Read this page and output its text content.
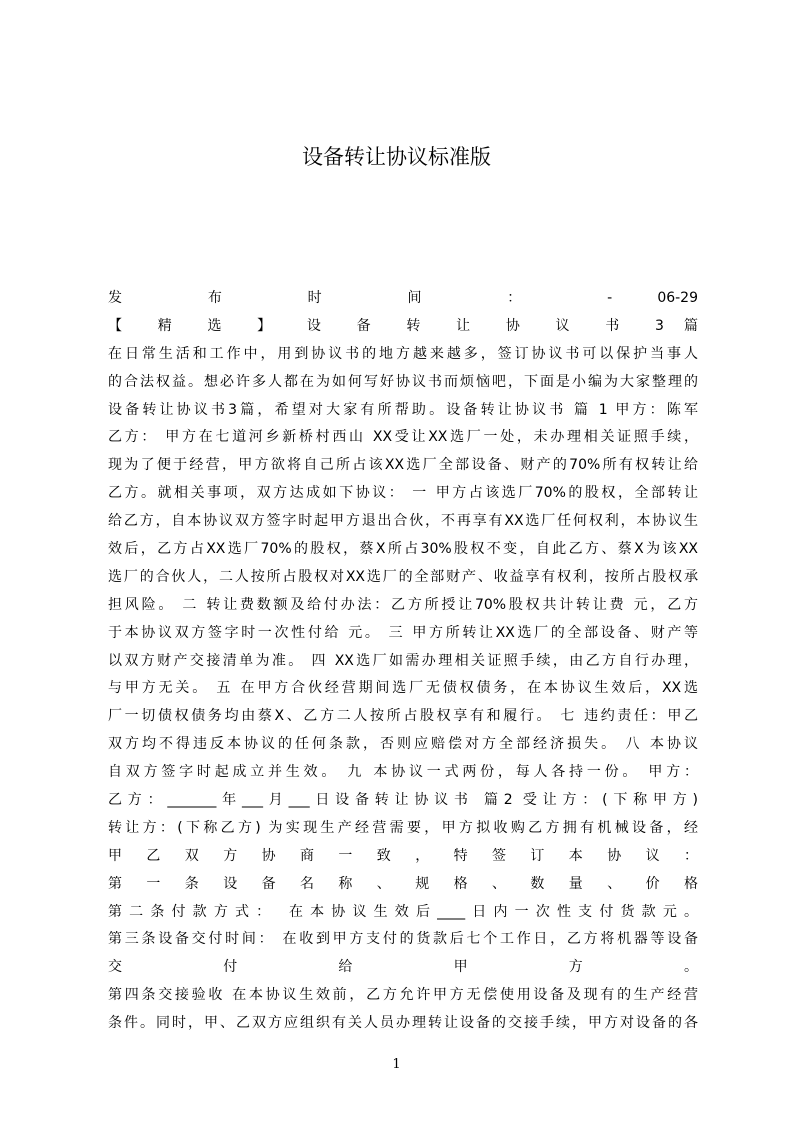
设备转让协议标准版
发 布 时 间 ： - 06-29
【 精 选 】 设 备 转 让 协 议 书 3 篇
在日常生活和工作中，用到协议书的地方越来越多，签订协议书可以保护当事人
的合法权益。想必许多人都在为如何写好协议书而烦恼吧，下面是小编为大家整理的
设备转让协议书3篇，希望对大家有所帮助。设备转让协议书 篇 1 甲方：陈军
乙方： 甲方在七道河乡新桥村西山 XX受让XX选厂一处，未办理相关证照手续，
现为了便于经营，甲方欲将自己所占该XX选厂全部设备、财产的70%所有权转让给
乙方。就相关事项，双方达成如下协议： 一 甲方占该选厂70%的股权，全部转让
给乙方，自本协议双方签字时起甲方退出合伙，不再享有XX选厂任何权利，本协议生
效后，乙方占XX选厂70%的股权，蔡X所占30%股权不变，自此乙方、蔡X为该XX
选厂的合伙人，二人按所占股权对XX选厂的全部财产、收益享有权利，按所占股权承
担风险。 二 转让费数额及给付办法：乙方所授让70%股权共计转让费 元，乙方
于本协议双方签字时一次性付给 元。 三 甲方所转让XX选厂的全部设备、财产等
以双方财产交接清单为准。 四 XX选厂如需办理相关证照手续，由乙方自行办理，
与甲方无关。 五 在甲方合伙经营期间选厂无债权债务，在本协议生效后，XX选
厂一切债权债务均由蔡X、乙方二人按所占股权享有和履行。 七 违约责任：甲乙
双方均不得违反本协议的任何条款，否则应赔偿对方全部经济损失。 八 本协议
自双方签字时起成立并生效。 九 本协议一式两份，每人各持一份。 甲方：
乙方：_______年___月___日设备转让协议书 篇2 受让方：(下称甲方)
转让方：(下称乙方) 为实现生产经营需要，甲方拟收购乙方拥有机械设备，经
甲 乙 双 方 协 商 一 致 ， 特 签 订 本 协 议 ：
第 一 条 设 备 名 称 、 规 格 、 数 量 、 价 格
第二条付款方式： 在本协议生效后____日内一次性支付货款元。
第三条设备交付时间： 在收到甲方支付的货款后七个工作日，乙方将机器等设备
交 付 给 甲 方 。
第四条交接验收 在本协议生效前，乙方允许甲方无偿使用设备及现有的生产经营
条件。同时，甲、乙双方应组织有关人员办理转让设备的交接手续，甲方对设备的各
1
